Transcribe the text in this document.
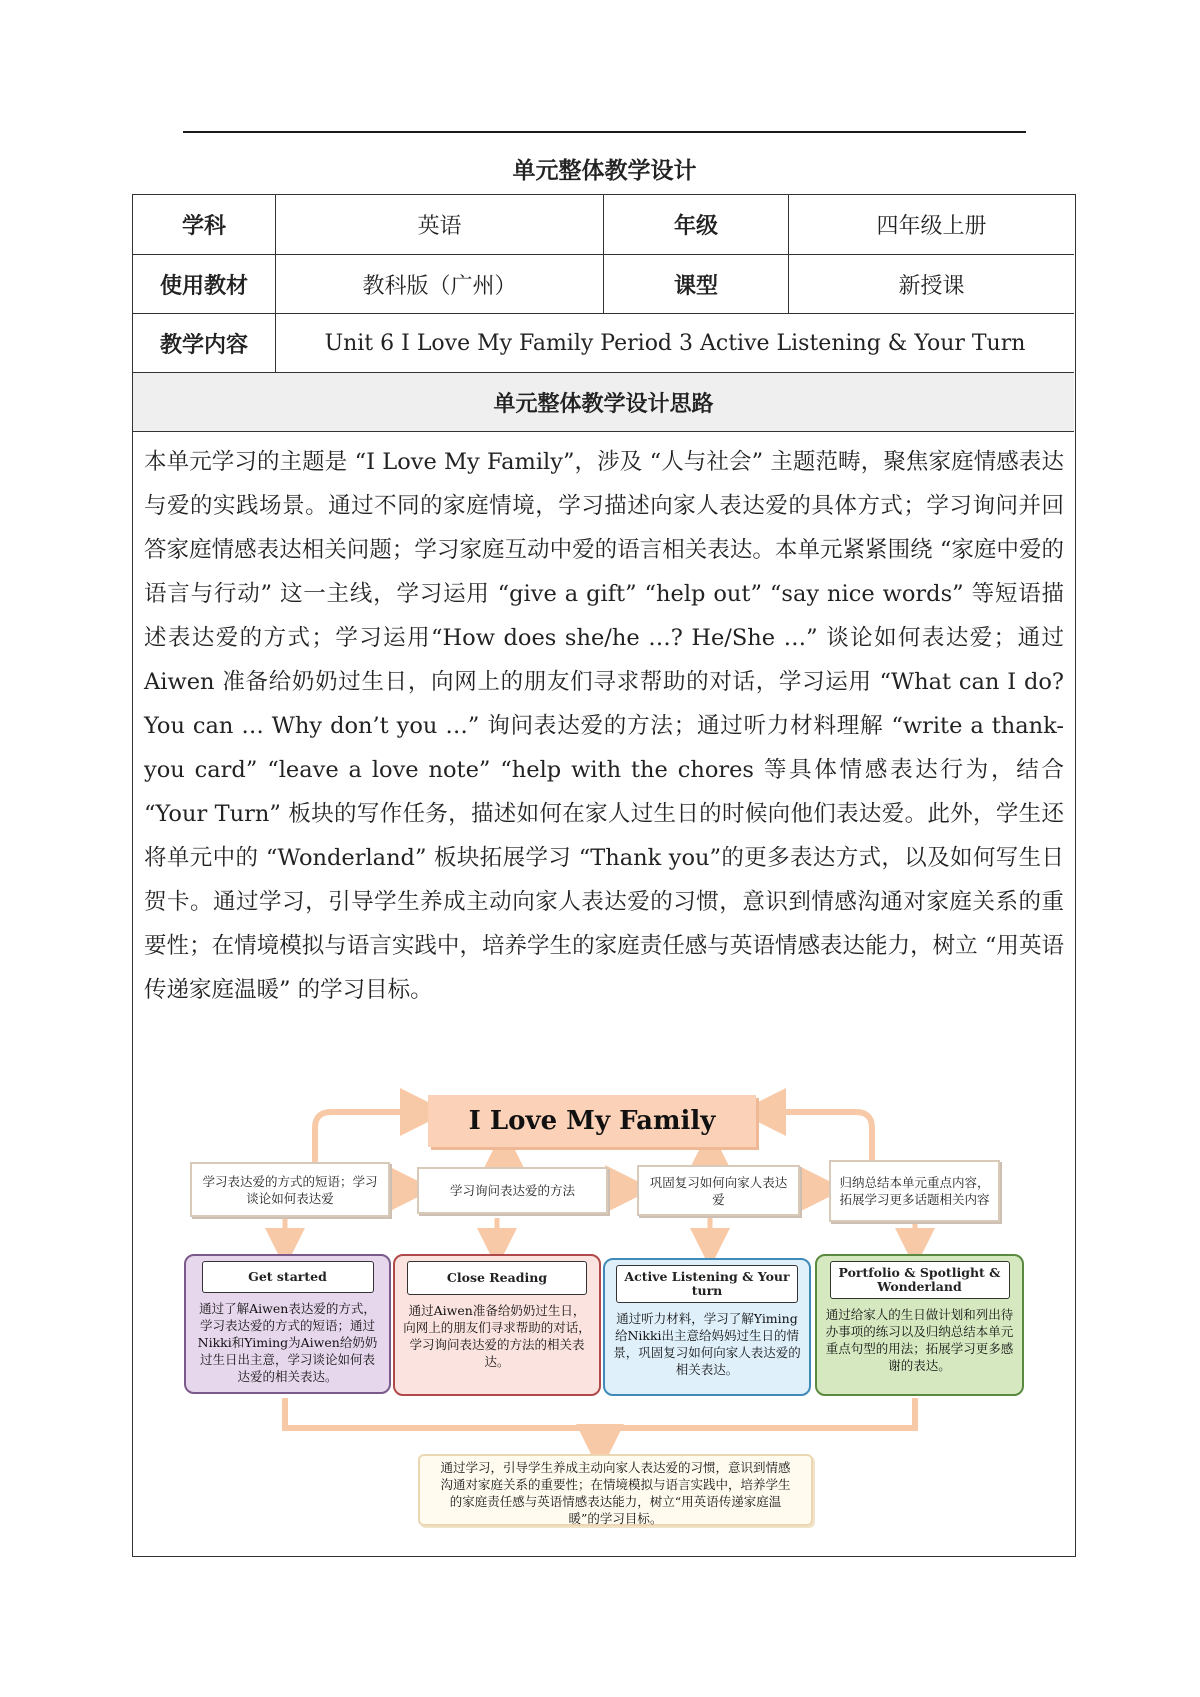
单元整体教学设计
学科	英语	年级	四年级上册
使用教材	教科版（广州）	课型	新授课
教学内容	Unit 6 I Love My Family Period 3 Active Listening & Your Turn
单元整体教学设计思路

本单元学习的主题是 “I Love My Family”，涉及 “人与社会” 主题范畴，聚焦家庭情感表达与爱的实践场景。通过不同的家庭情境，学习描述向家人表达爱的具体方式；学习询问并回答家庭情感表达相关问题；学习家庭互动中爱的语言相关表达。本单元紧紧围绕 “家庭中爱的语言与行动” 这一主线，学习运用 “give a gift” “help out” “say nice words” 等短语描述表达爱的方式；学习运用“How does she/he …? He/She …” 谈论如何表达爱；通过 Aiwen 准备给奶奶过生日，向网上的朋友们寻求帮助的对话，学习运用 “What can I do? You can … Why don’t you …” 询问表达爱的方法；通过听力材料理解 “write a thank-you card” “leave a love note” “help with the chores 等具体情感表达行为，结合 “Your Turn” 板块的写作任务，描述如何在家人过生日的时候向他们表达爱。此外，学生还将单元中的 “Wonderland” 板块拓展学习 “Thank you”的更多表达方式，以及如何写生日贺卡。通过学习，引导学生养成主动向家人表达爱的习惯，意识到情感沟通对家庭关系的重要性；在情境模拟与语言实践中，培养学生的家庭责任感与英语情感表达能力，树立 “用英语传递家庭温暖” 的学习目标。

I Love My Family
学习表达爱的方式的短语；学习谈论如何表达爱	学习询问表达爱的方法
巩固复习如何向家人表达爱
归纳总结本单元重点内容，拓展学习更多话题相关内容
Get started
通过了解Aiwen表达爱的方式，学习表达爱的方式的短语；通过Nikki和Yiming为Aiwen给奶奶过生日出主意，学习谈论如何表达爱的相关表达。
Close Reading
通过Aiwen准备给奶奶过生日，向网上的朋友们寻求帮助的对话，学习询问表达爱的方法的相关表达。
Active Listening & Your turn
通过听力材料，学习了解Yiming给Nikki出主意给妈妈过生日的情景，巩固复习如何向家人表达爱的相关表达。
Portfolio & Spotlight & Wonderland
通过给家人的生日做计划和列出待办事项的练习以及归纳总结本单元重点句型的用法；拓展学习更多感谢的表达。
通过学习，引导学生养成主动向家人表达爱的习惯，意识到情感沟通对家庭关系的重要性；在情境模拟与语言实践中，培养学生的家庭责任感与英语情感表达能力，树立“用英语传递家庭温暖”的学习目标。
